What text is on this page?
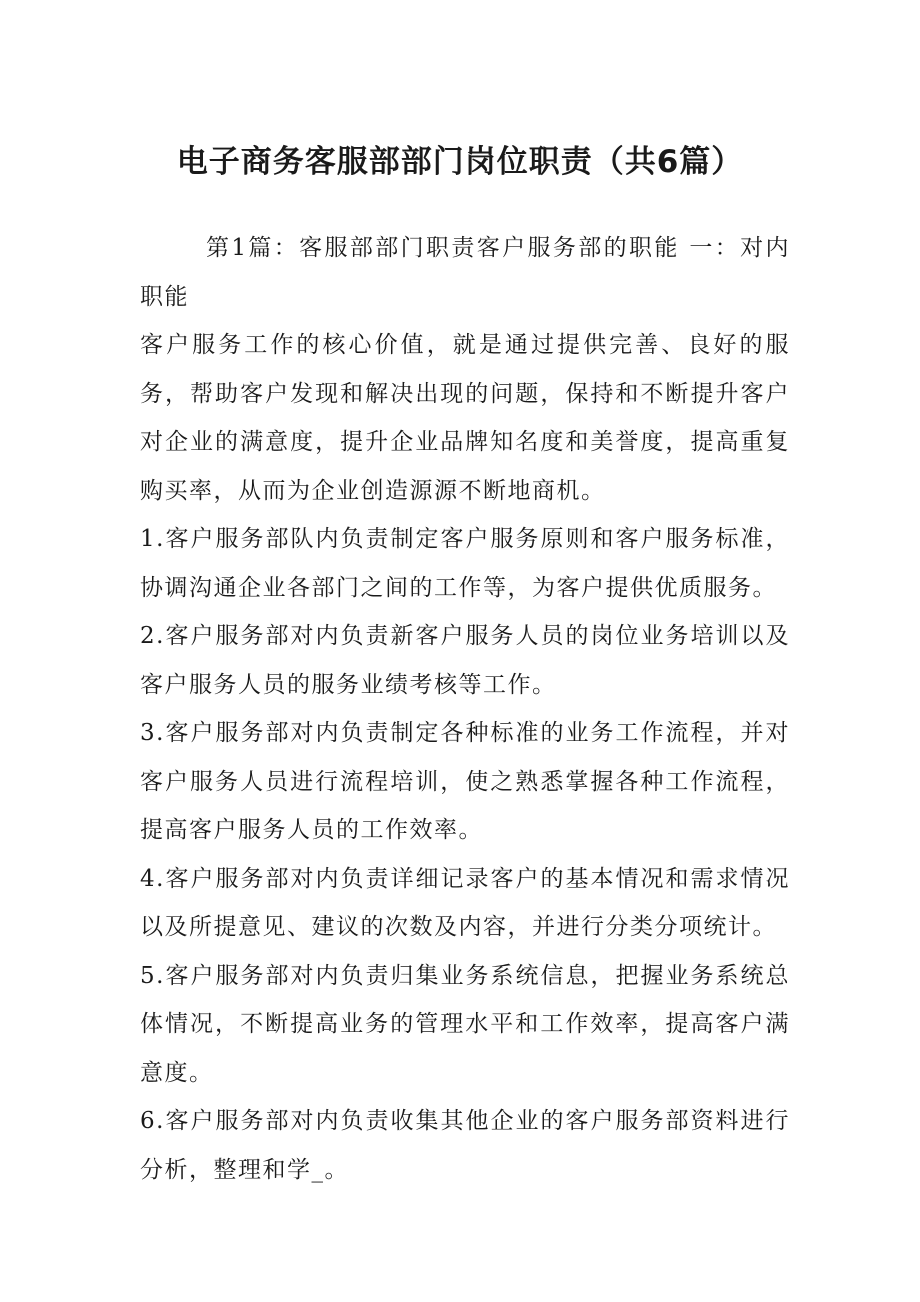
电子商务客服部部门岗位职责（共6篇）

第1篇：客服部部门职责客户服务部的职能 一：对内职能

客户服务工作的核心价值，就是通过提供完善、良好的服务，帮助客户发现和解决出现的问题，保持和不断提升客户对企业的满意度，提升企业品牌知名度和美誉度，提高重复购买率，从而为企业创造源源不断地商机。

1.客户服务部队内负责制定客户服务原则和客户服务标准，协调沟通企业各部门之间的工作等，为客户提供优质服务。

2.客户服务部对内负责新客户服务人员的岗位业务培训以及客户服务人员的服务业绩考核等工作。

3.客户服务部对内负责制定各种标准的业务工作流程，并对客户服务人员进行流程培训，使之熟悉掌握各种工作流程，提高客户服务人员的工作效率。

4.客户服务部对内负责详细记录客户的基本情况和需求情况以及所提意见、建议的次数及内容，并进行分类分项统计。

5.客户服务部对内负责归集业务系统信息，把握业务系统总体情况，不断提高业务的管理水平和工作效率，提高客户满意度。

6.客户服务部对内负责收集其他企业的客户服务部资料进行分析，整理和学_。
